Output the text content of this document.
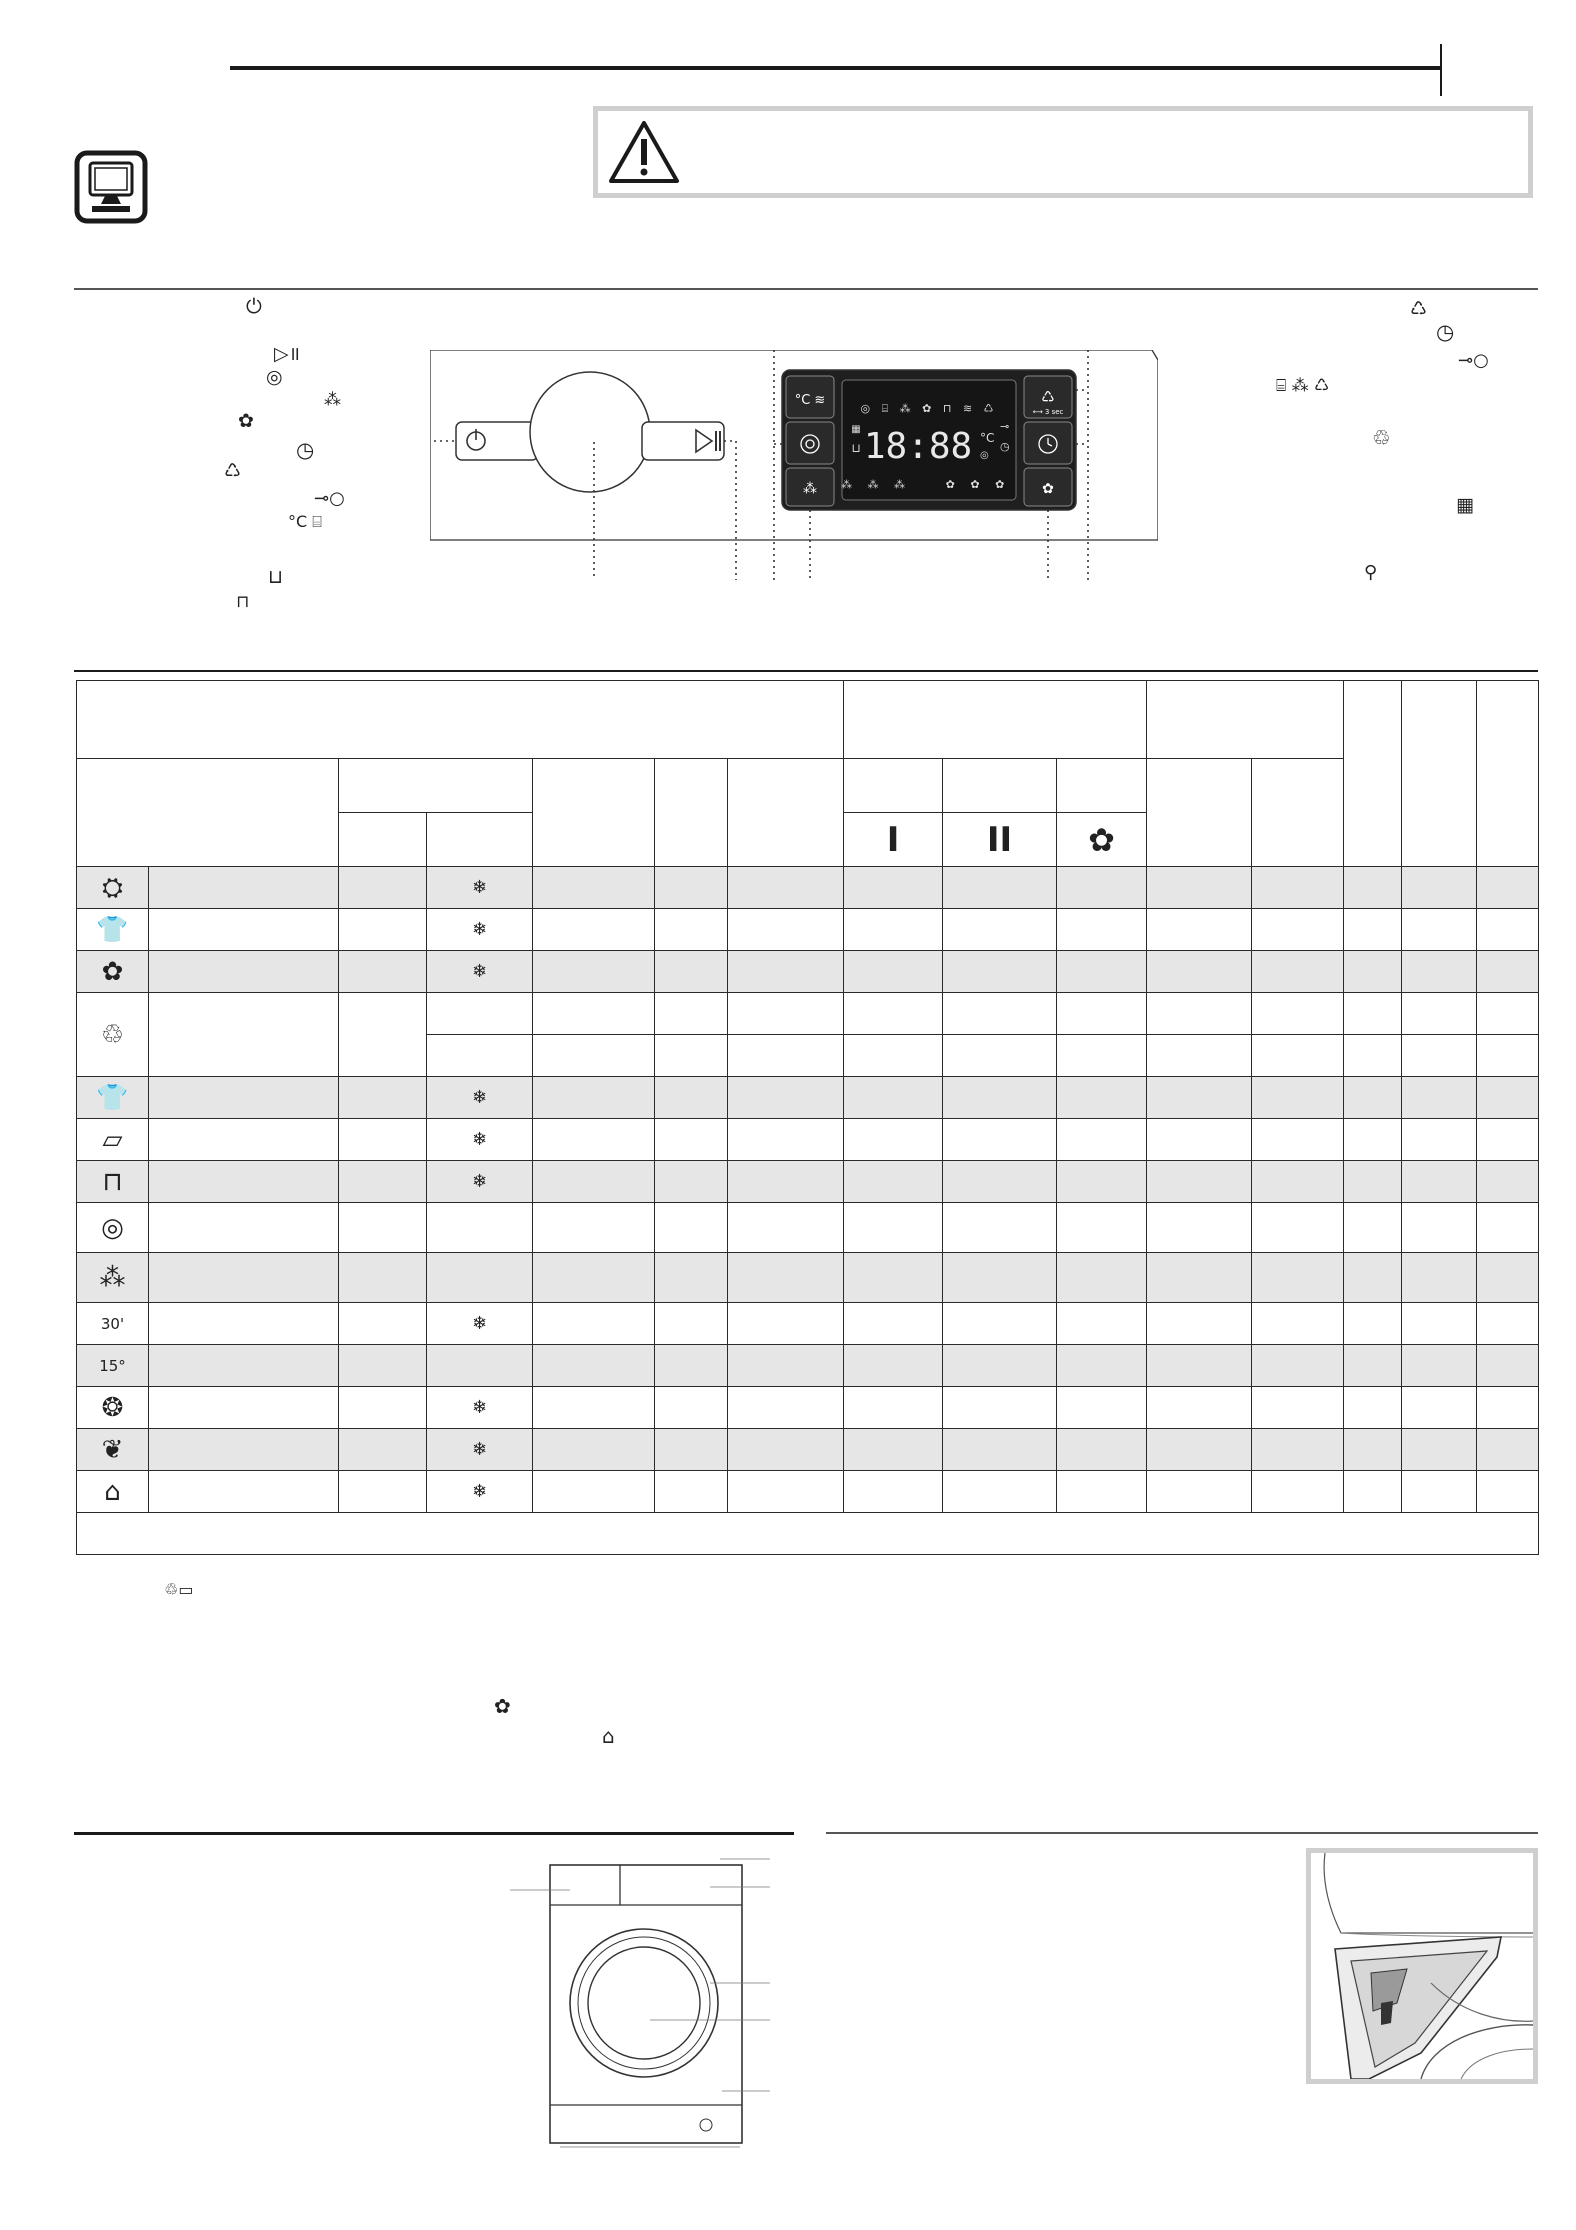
⏻
▷॥
◎
⁂
✿
◷
♺
⊸○
°C ⌸
⊔
⊓
°C ≋
⁂
♺
⟷ 3 sec
✿
◎ ⌸ ⁂ ✿ ⊓ ≋ ♺
▦
⊔ 18:88 °C
◎
⊸
◷
⁂ ⁂ ⁂	✿ ✿ ✿
♺
◷
⊸○
⌸ ⁂ ♺
♲
▦
⚲

							I	II	✿					
⛭			❄											
👕			❄											
✿			❄											
♲														

👕			❄											
▱			❄											
⊓			❄											
◎														
⁂														
30'			❄											
15°														
❂			❄											
❦			❄											
⌂			❄											

♲▭
✿
⌂
